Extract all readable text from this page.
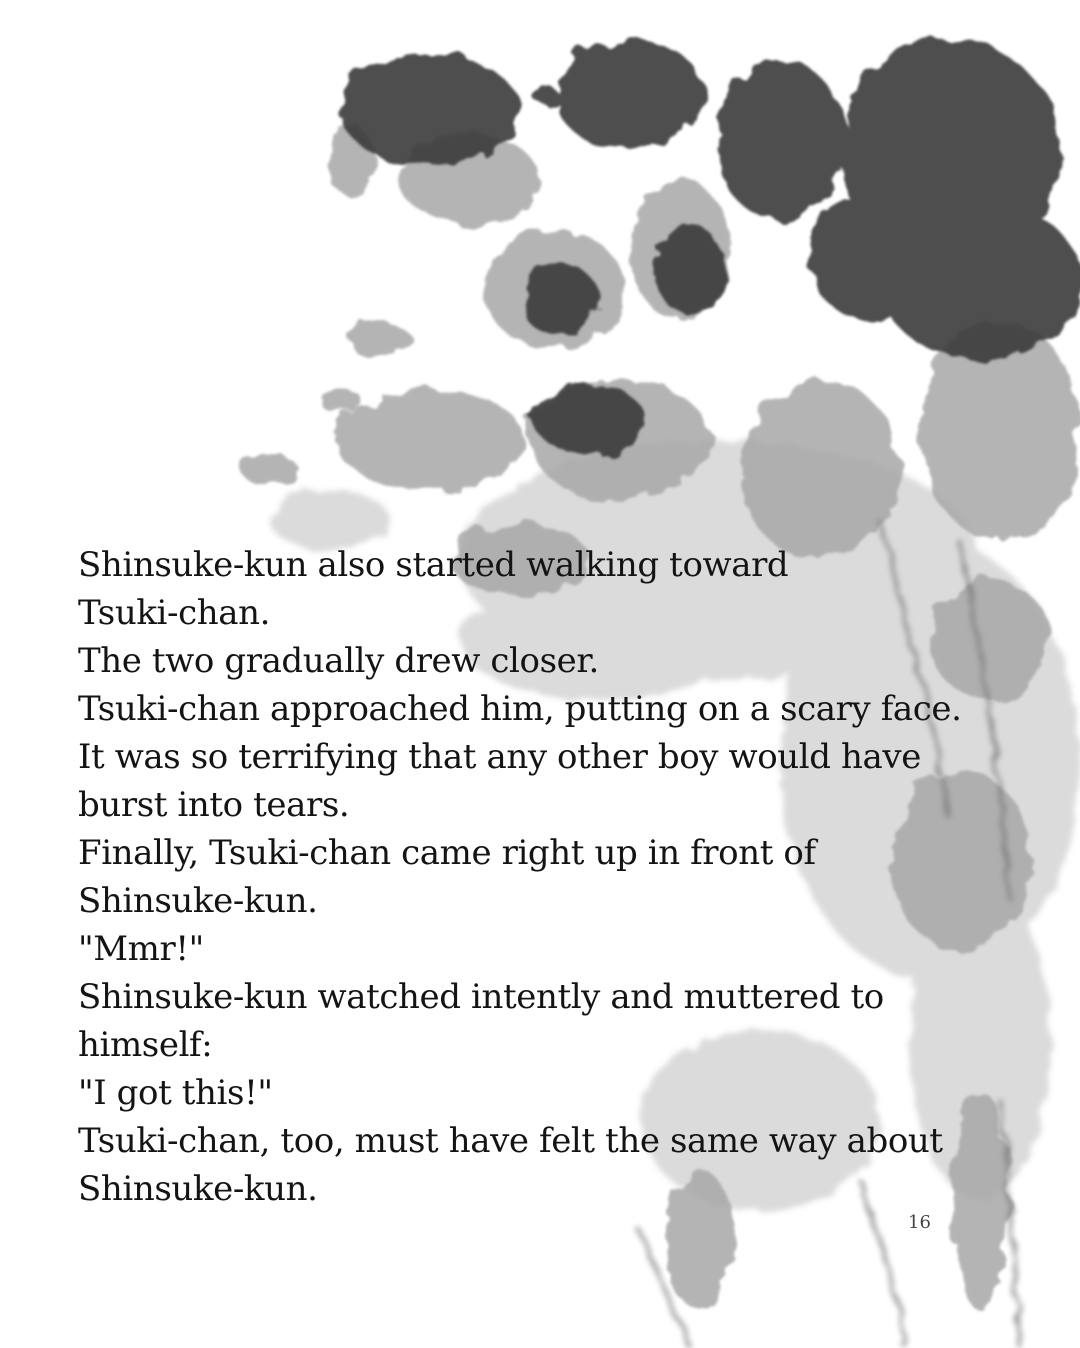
Shinsuke-kun also started walking toward
Tsuki-chan.
The two gradually drew closer.
Tsuki-chan approached him, putting on a scary face.
It was so terrifying that any other boy would have
burst into tears.
Finally, Tsuki-chan came right up in front of
Shinsuke-kun.
"Mmr!"
Shinsuke-kun watched intently and muttered to
himself:
"I got this!"
Tsuki-chan, too, must have felt the same way about
Shinsuke-kun.
16
